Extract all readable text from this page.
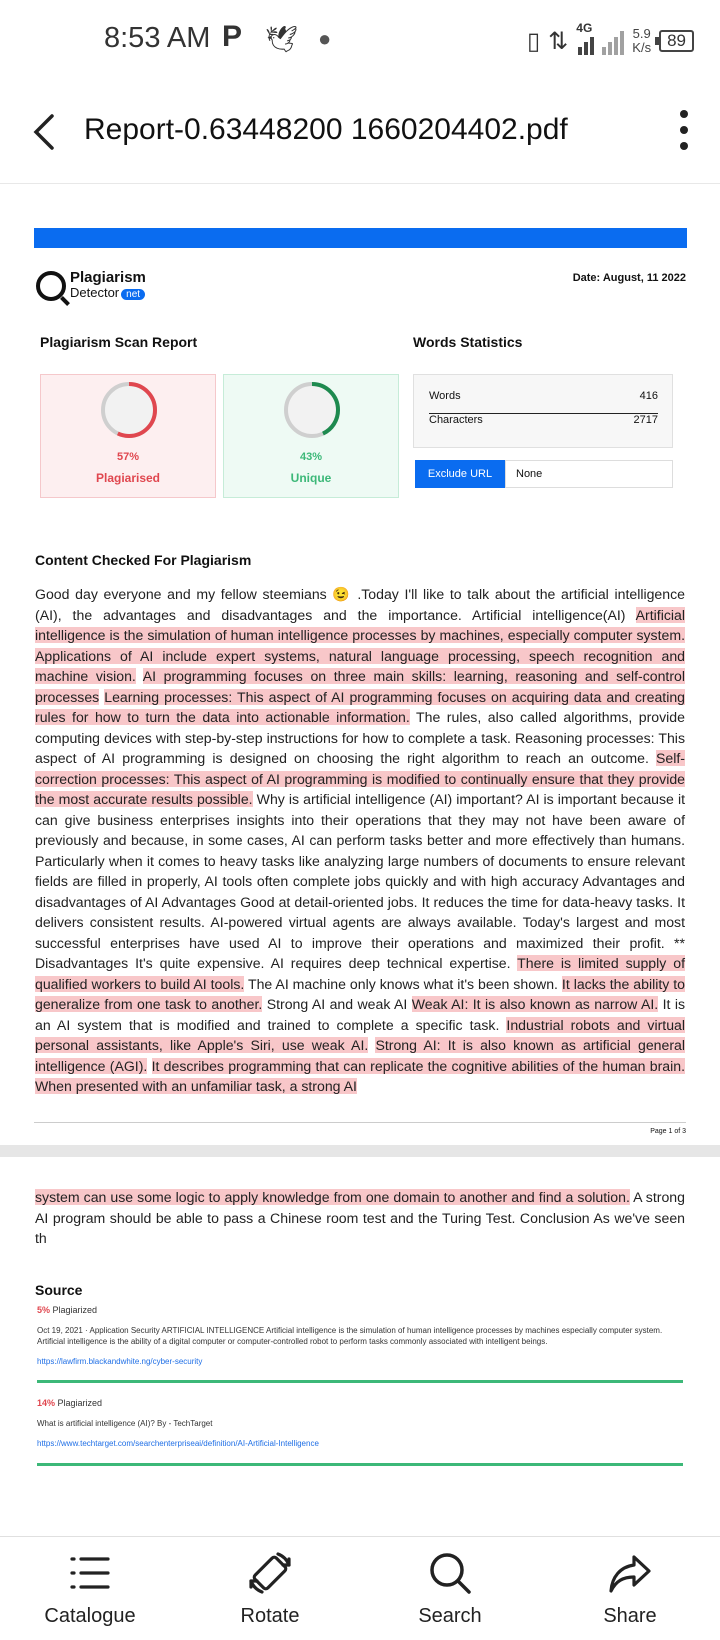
8:53 AM P 🕊 ●	▯ ⇅ 4G	5.9
K/s 89
Report-0.63448200 1660204402.pdf
Plagiarism
Detector net
Date: August, 11 2022
Plagiarism Scan Report	Words Statistics
57%
Plagiarised
43%
Unique
Words	416
Characters	2717
Exclude URL	None
Content Checked For Plagiarism
Good day everyone and my fellow steemians 😉 .Today I'll like to talk about the artificial intelligence (AI), the advantages and disadvantages and the importance. Artificial intelligence(AI) Artificial intelligence is the simulation of human intelligence processes by machines, especially computer system. Applications of AI include expert systems, natural language processing, speech recognition and machine vision. AI programming focuses on three main skills: learning, reasoning and self-control processes Learning processes: This aspect of AI programming focuses on acquiring data and creating rules for how to turn the data into actionable information. The rules, also called algorithms, provide computing devices with step-by-step instructions for how to complete a task. Reasoning processes: This aspect of AI programming is designed on choosing the right algorithm to reach an outcome. Self-correction processes: This aspect of AI programming is modified to continually ensure that they provide the most accurate results possible. Why is artificial intelligence (AI) important? AI is important because it can give business enterprises insights into their operations that they may not have been aware of previously and because, in some cases, AI can perform tasks better and more effectively than humans. Particularly when it comes to heavy tasks like analyzing large numbers of documents to ensure relevant fields are filled in properly, AI tools often complete jobs quickly and with high accuracy Advantages and disadvantages of AI Advantages Good at detail-oriented jobs. It reduces the time for data-heavy tasks. It delivers consistent results. AI-powered virtual agents are always available. Today's largest and most successful enterprises have used AI to improve their operations and maximized their profit. ** Disadvantages It's quite expensive. AI requires deep technical expertise. There is limited supply of qualified workers to build AI tools. The AI machine only knows what it's been shown. It lacks the ability to generalize from one task to another. Strong AI and weak AI Weak AI: It is also known as narrow AI. It is an AI system that is modified and trained to complete a specific task. Industrial robots and virtual personal assistants, like Apple's Siri, use weak AI. Strong AI: It is also known as artificial general intelligence (AGI). It describes programming that can replicate the cognitive abilities of the human brain. When presented with an unfamiliar task, a strong AI
Page 1 of 3
system can use some logic to apply knowledge from one domain to another and find a solution. A strong AI program should be able to pass a Chinese room test and the Turing Test. Conclusion As we've seen th
Source
5% Plagiarized
Oct 19, 2021 · Application Security ARTIFICIAL INTELLIGENCE Artificial intelligence is the simulation of human intelligence processes by machines especially computer system. Artificial intelligence is the ability of a digital computer or computer-controlled robot to perform tasks commonly associated with intelligent beings.
https://lawfirm.blackandwhite.ng/cyber-security
14% Plagiarized
What is artificial intelligence (AI)? By - TechTarget
https://www.techtarget.com/searchenterpriseai/definition/AI-Artificial-Intelligence
Catalogue	Rotate	Search	Share
